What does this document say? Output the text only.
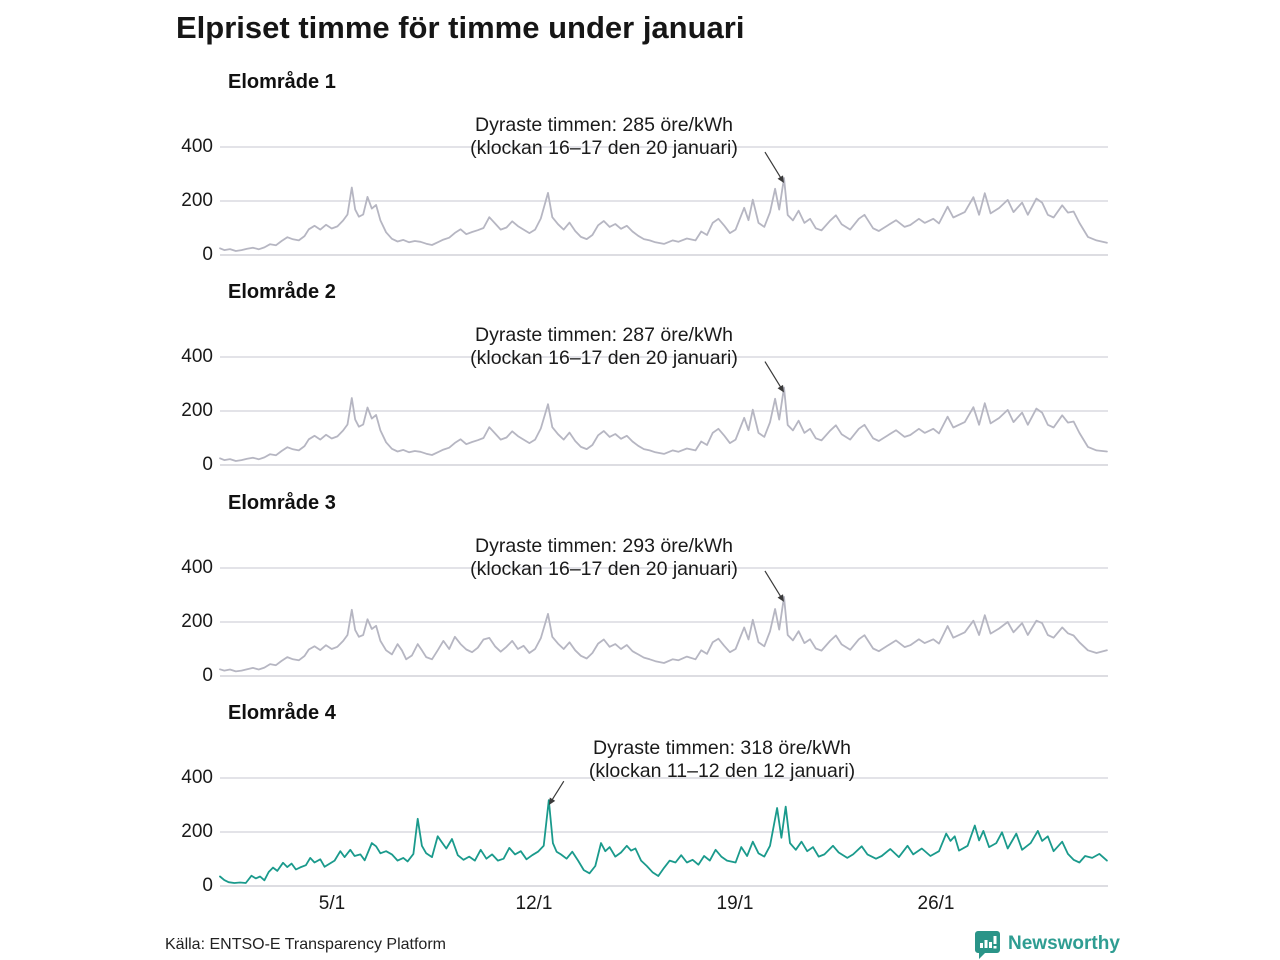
Elpriset timme för timme under januari
Elområde 1
400
200
0
Dyraste timmen: 285 öre/kWh
(klockan 16–17 den 20 januari)
Elområde 2
400
200
0
Dyraste timmen: 287 öre/kWh
(klockan 16–17 den 20 januari)
Elområde 3
400
200
0
Dyraste timmen: 293 öre/kWh
(klockan 16–17 den 20 januari)
Elområde 4
400
200
0
Dyraste timmen: 318 öre/kWh
(klockan 11–12 den 12 januari)
5/1	12/1	19/1	26/1
Källa: ENTSO-E Transparency Platform	Newsworthy
